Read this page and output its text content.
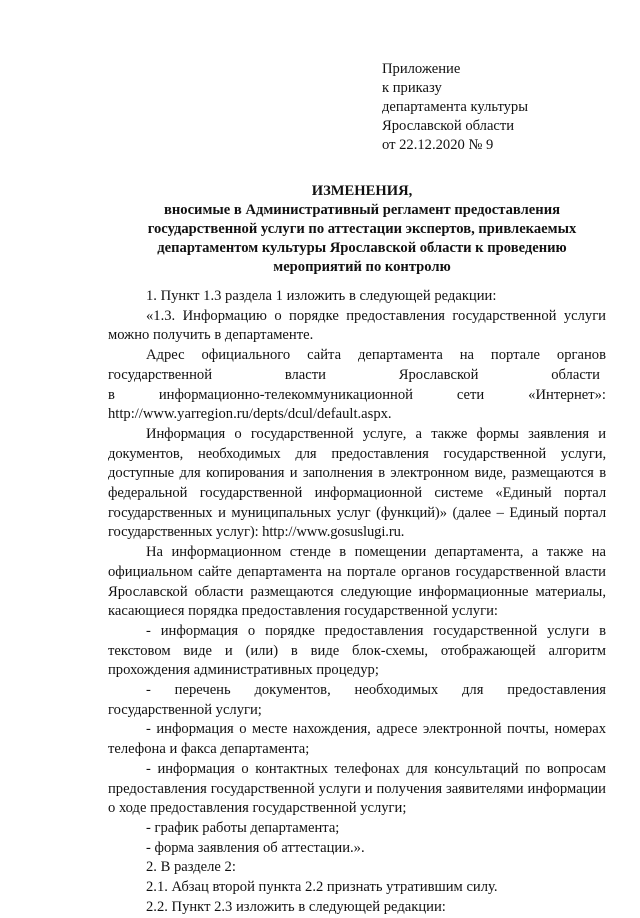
Приложение
к приказу
департамента культуры
Ярославской области
от 22.12.2020 № 9
ИЗМЕНЕНИЯ,
вносимые в Административный регламент предоставления государственной услуги по аттестации экспертов, привлекаемых департаментом культуры Ярославской области к проведению мероприятий по контролю

1. Пункт 1.3 раздела 1 изложить в следующей редакции:

«1.3. Информацию о порядке предоставления государственной услуги можно получить в департаменте.

Адрес официального сайта департамента на портале органов
государственной	власти	Ярославской	области
в	информационно-телекоммуникационной	сети	«Интернет»:
http://www.yarregion.ru/depts/dcul/default.aspx.

Информация о государственной услуге, а также формы заявления и документов, необходимых для предоставления государственной услуги, доступные для копирования и заполнения в электронном виде, размещаются в федеральной государственной информационной системе «Единый портал государственных и муниципальных услуг (функций)» (далее – Единый портал государственных услуг): http://www.gosuslugi.ru.

На информационном стенде в помещении департамента, а также на официальном сайте департамента на портале органов государственной власти Ярославской области размещаются следующие информационные материалы, касающиеся порядка предоставления государственной услуги:

- информация о порядке предоставления государственной услуги в текстовом виде и (или) в виде блок-схемы, отображающей алгоритм прохождения административных процедур;

- перечень документов, необходимых для предоставления государственной услуги;

- информация о месте нахождения, адресе электронной почты, номерах телефона и факса департамента;

- информация о контактных телефонах для консультаций по вопросам предоставления государственной услуги и получения заявителями информации о ходе предоставления государственной услуги;

- график работы департамента;

- форма заявления об аттестации.».

2. В разделе 2:

2.1. Абзац второй пункта 2.2 признать утратившим силу.

2.2. Пункт 2.3 изложить в следующей редакции:
